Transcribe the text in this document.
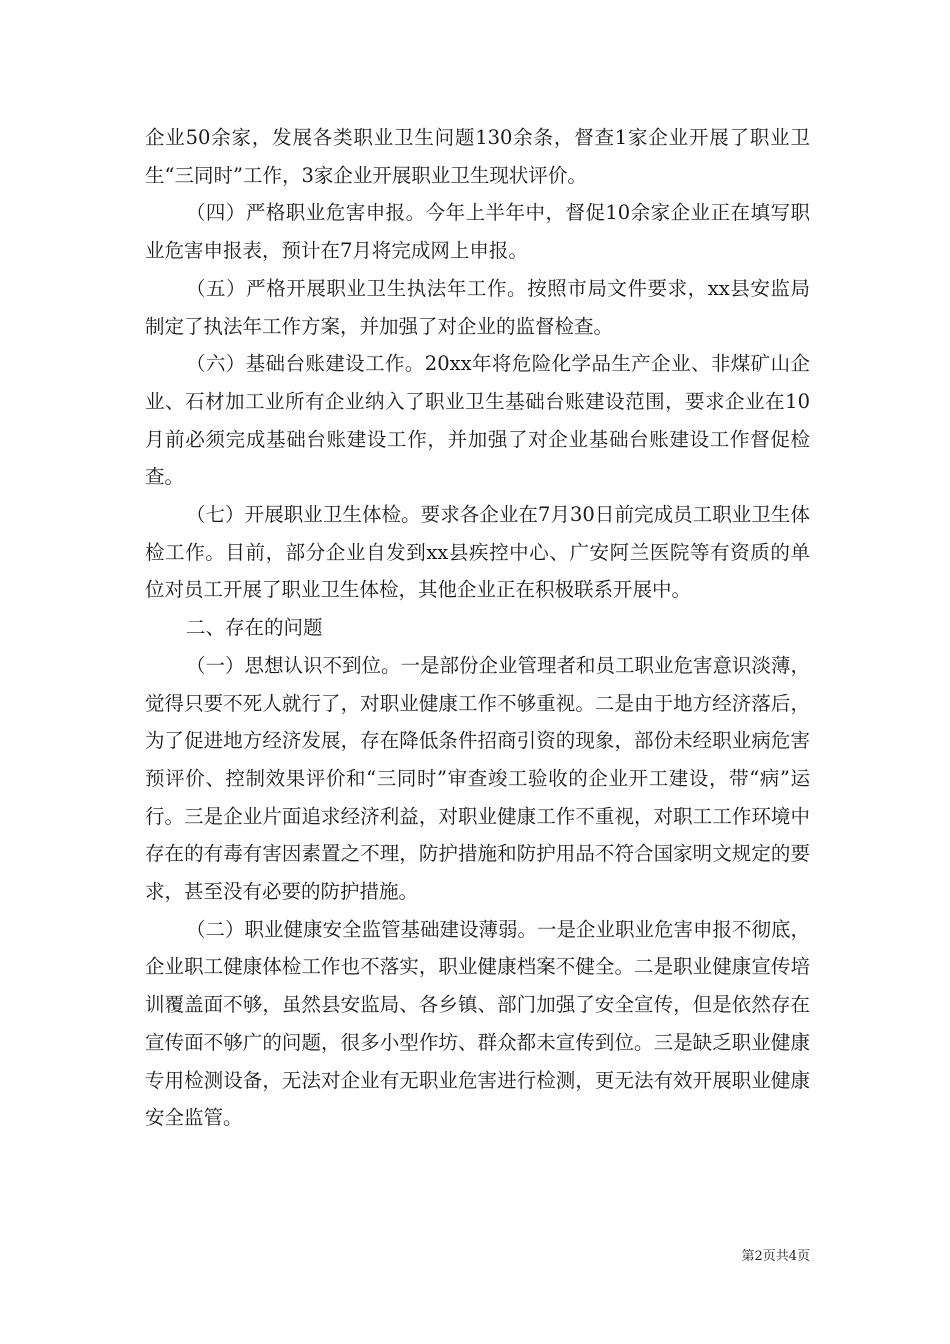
企业50余家，发展各类职业卫生问题130余条，督查1家企业开展了职业卫生“三同时”工作，3家企业开展职业卫生现状评价。

（四）严格职业危害申报。今年上半年中，督促10余家企业正在填写职业危害申报表，预计在7月将完成网上申报。

（五）严格开展职业卫生执法年工作。按照市局文件要求，xx县安监局制定了执法年工作方案，并加强了对企业的监督检查。

（六）基础台账建设工作。20xx年将危险化学品生产企业、非煤矿山企业、石材加工业所有企业纳入了职业卫生基础台账建设范围，要求企业在10月前必须完成基础台账建设工作，并加强了对企业基础台账建设工作督促检查。

（七）开展职业卫生体检。要求各企业在7月30日前完成员工职业卫生体检工作。目前，部分企业自发到xx县疾控中心、广安阿兰医院等有资质的单位对员工开展了职业卫生体检，其他企业正在积极联系开展中。

二、存在的问题

（一）思想认识不到位。一是部份企业管理者和员工职业危害意识淡薄，觉得只要不死人就行了，对职业健康工作不够重视。二是由于地方经济落后，为了促进地方经济发展，存在降低条件招商引资的现象，部份未经职业病危害预评价、控制效果评价和“三同时”审查竣工验收的企业开工建设，带“病”运行。三是企业片面追求经济利益，对职业健康工作不重视，对职工工作环境中存在的有毒有害因素置之不理，防护措施和防护用品不符合国家明文规定的要求，甚至没有必要的防护措施。

（二）职业健康安全监管基础建设薄弱。一是企业职业危害申报不彻底，企业职工健康体检工作也不落实，职业健康档案不健全。二是职业健康宣传培训覆盖面不够，虽然县安监局、各乡镇、部门加强了安全宣传，但是依然存在宣传面不够广的问题，很多小型作坊、群众都未宣传到位。三是缺乏职业健康专用检测设备，无法对企业有无职业危害进行检测，更无法有效开展职业健康安全监管。

第2页共4页
